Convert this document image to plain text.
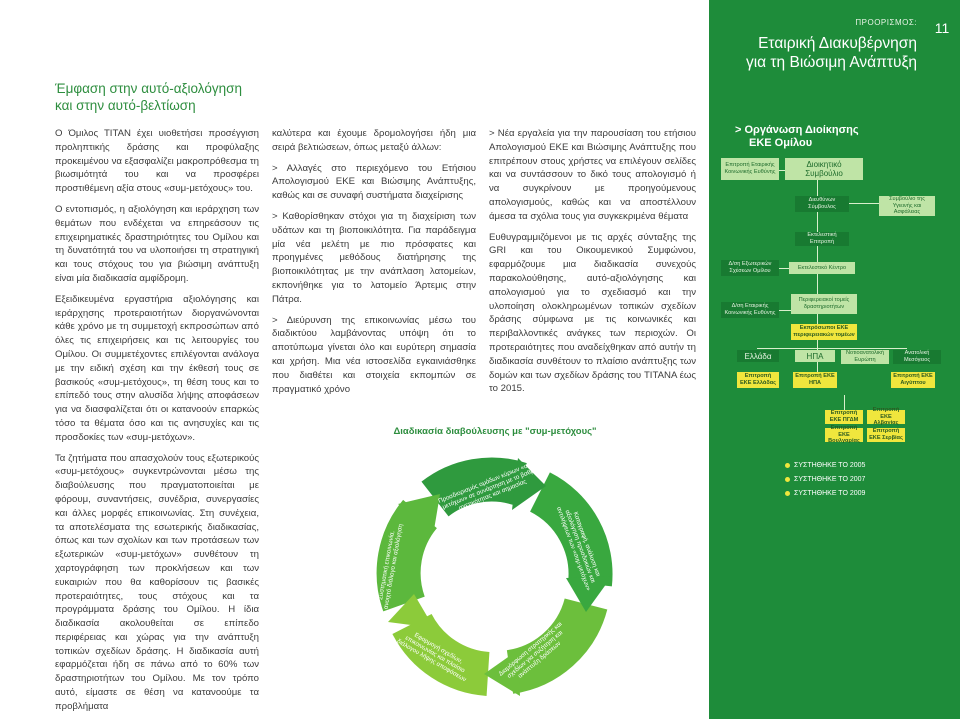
Έμφαση στην αυτό-αξιολόγηση
και στην αυτό-βελτίωση

Ο Όμιλος ΤΙΤΑΝ έχει υιοθετήσει προσέγγιση προληπτικής δράσης και προφύλαξης προκειμένου να εξασφαλίζει μακροπρόθεσμα τη βιωσιμότητά του και να προσφέρει προστιθέμενη αξία στους «συμ-μετόχους» του.

Ο εντοπισμός, η αξιολόγηση και ιεράρχηση των θεμάτων που ενδέχεται να επηρεάσουν τις επιχειρηματικές δραστηριότητες του Ομίλου και τη δυνατότητά του να υλοποιήσει τη στρατηγική και τους στόχους του για βιώσιμη ανάπτυξη είναι μία διαδικασία αμφίδρομη.

Εξειδικευμένα εργαστήρια αξιολόγησης και ιεράρχησης προτεραιοτήτων διοργανώνονται κάθε χρόνο με τη συμμετοχή εκπροσώπων από όλες τις επιχειρήσεις και τις λειτουργίες του Ομίλου. Οι συμμετέχοντες επιλέγονται ανάλογα με την ειδική σχέση και την έκθεσή τους σε βασικούς «συμ-μετόχους», τη θέση τους και το επίπεδό τους στην αλυσίδα λήψης αποφάσεων για να διασφαλίζεται ότι οι κατανοούν επαρκώς τόσο τα θέματα όσο και τις ανησυχίες και τις προσδοκίες των «συμ-μετόχων».

Τα ζητήματα που απασχολούν τους εξωτερικούς «συμ-μετόχους» συγκεντρώνονται μέσω της διαβούλευσης που πραγματοποιείται με φόρουμ, συναντήσεις, συνέδρια, συνεργασίες και άλλες μορφές επικοινωνίας. Στη συνέχεια, τα αποτελέσματα της εσωτερικής διαδικασίας, όπως και των σχολίων και των προτάσεων των εξωτερικών «συμ-μετόχων» συνθέτουν τη χαρτογράφηση των προκλήσεων και των ευκαιριών που θα καθορίσουν τις βασικές προτεραιότητες, τους στόχους και τα προγράμματα δράσης του Ομίλου. Η ίδια διαδικασία ακολουθείται σε επίπεδο περιφέρειας και χώρας για την ανάπτυξη τοπικών σχεδίων δράσης. Η διαδικασία αυτή εφαρμόζεται ήδη σε πάνω από το 60% των δραστηριοτήτων του Ομίλου. Με τον τρόπο αυτό, είμαστε σε θέση να κατανοούμε τα προβλήματα

καλύτερα και έχουμε δρομολογήσει ήδη μια σειρά βελτιώσεων, όπως μεταξύ άλλων:

> Αλλαγές στο περιεχόμενο του Ετήσιου Απολογισμού ΕΚΕ και Βιώσιμης Ανάπτυξης, καθώς και σε συναφή συστήματα διαχείρισης

> Καθορίσθηκαν στόχοι για τη διαχείριση των υδάτων και τη βιοποικιλότητα. Για παράδειγμα μία νέα μελέτη με πιο πρόσφατες και προηγμένες μεθόδους διατήρησης της βιοποικιλότητας με την ανάπλαση λατομείων, εκπονήθηκε για το λατομείο Άρτεμις στην Πάτρα.

> Διεύρυνση της επικοινωνίας μέσω του διαδικτύου λαμβάνοντας υπόψη ότι το αποτύπωμα γίνεται όλο και ευρύτερη σημασία και χρήση. Μια νέα ιστοσελίδα εγκαινιάσθηκε που διαθέτει και στοιχεία εκπομπών σε πραγματικό χρόνο

> Νέα εργαλεία για την παρουσίαση του ετήσιου Απολογισμού ΕΚΕ και Βιώσιμης Ανάπτυξης που επιτρέπουν στους χρήστες να επιλέγουν σελίδες και να συντάσσουν το δικό τους απολογισμό ή να συγκρίνουν με προηγούμενους απολογισμούς, καθώς και να αποστέλλουν άμεσα τα σχόλια τους για συγκεκριμένα θέματα

Ευθυγραμμιζόμενοι με τις αρχές σύνταξης της GRI και του Οικουμενικού Συμφώνου, εφαρμόζουμε μια διαδικασία συνεχούς παρακολούθησης, αυτό-αξιολόγησης και απολογισμού για το σχεδιασμό και την υλοποίηση ολοκληρωμένων τοπικών σχεδίων δράσης σύμφωνα με τις κοινωνικές και περιβαλλοντικές ανάγκες των περιοχών. Οι προτεραιότητες που αναδείχθηκαν από αυτήν τη διαδικασία συνθέτουν το πλαίσιο ανάπτυξης των δομών και των σχεδίων δράσης του TITANA έως το 2015.

Διαδικασία διαβούλευσης με "συμ-μετόχους"
Προσδιορισμός ομάδων κύριων «συμ-μετόχων» σε συνάρτηση με το βαθμό σχετικότητας και σημασίας
Καταγραφή, ανάλυση και αξιολόγηση προσδοκιών και αντιλήψεων των «συμ-μετόχων»
Διαμόρφωση στρατηγικής και σχεδίων για συζήτηση και ανάπτυξη δράσεων
Εφαρμογή σχεδίων, επικοινωνίας και πλαίσιο διάλογου λήψης αποφάσεων
Συστηματική επικοινωνία, ανοιχτό διάλογο και αξιολόγηση
ΠΡΟΟΡΙΣΜΟΣ:	11
Εταιρική Διακυβέρνηση
για τη Βιώσιμη Ανάπτυξη
> Οργάνωση Διοίκησης
ΕΚΕ Ομίλου
Επιτροπή Εταιρικής Κοινωνικής Ευθύνης
Διοικητικό Συμβούλιο
Διευθύνων Σύμβουλος
Συμβούλιο της Υγιεινής και Ασφάλειας
Εκτελεστική Επιτροπή
Δ/ση Εξωτερικών Σχέσεων Ομίλου
Εκτελεστικό Κέντρο
Δ/ση Εταιρικής Κοινωνικής Ευθύνης
Περιφερειακοί τομείς δραστηριοτήτων
Εκπρόσωποι ΕΚΕ περιφερειακών τομέων
Ελλάδα	ΗΠΑ	Νοτιοανατολική Ευρώπη
Ανατολική Μεσόγειος
Επιτροπή ΕΚΕ Ελλάδας
Επιτροπή ΕΚΕ ΗΠΑ
Επιτροπή ΕΚΕ Αιγύπτου
Επιτροπή ΕΚΕ ΠΓΔΜ
Επιτροπή ΕΚΕ Αλβανίας
Επιτροπή ΕΚΕ Βουλγαρίας
Επιτροπή ΕΚΕ Σερβίας
ΣΥΣΤΗΘΗΚΕ ΤΟ 2005
ΣΥΣΤΗΘΗΚΕ ΤΟ 2007
ΣΥΣΤΗΘΗΚΕ ΤΟ 2009
